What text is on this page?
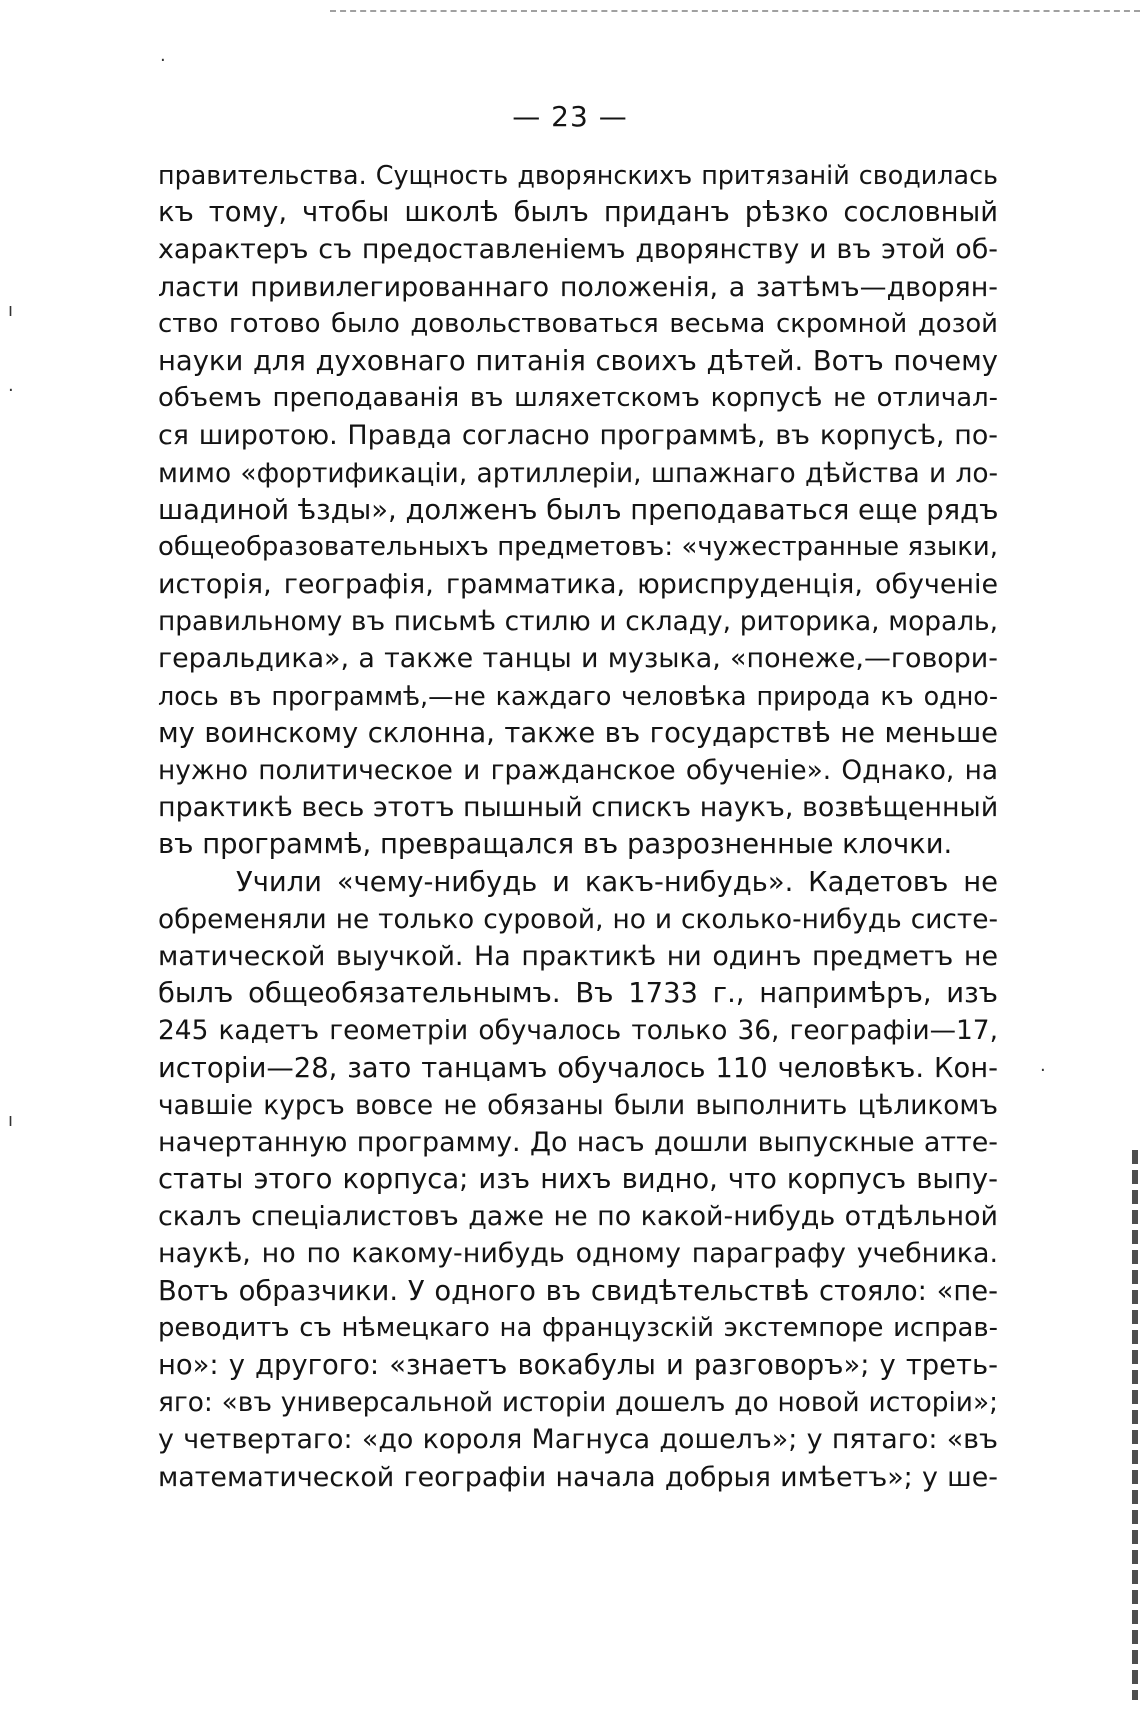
·
ı
·
ı
·
— 23 —
правительства. Сущность дворянскихъ притязаній сводилась
къ тому, чтобы школѣ былъ приданъ рѣзко сословный
характеръ съ предоставленіемъ дворянству и въ этой об-
ласти привилегированнаго положенія, а затѣмъ—дворян-
ство готово было довольствоваться весьма скромной дозой
науки для духовнаго питанія своихъ дѣтей. Вотъ почему
объемъ преподаванія въ шляхетскомъ корпусѣ не отличал-
ся широтою. Правда согласно программѣ, въ корпусѣ, по-
мимо «фортификаціи, артиллеріи, шпажнаго дѣйства и ло-
шадиной ѣзды», долженъ былъ преподаваться еще рядъ
общеобразовательныхъ предметовъ: «чужестранные языки,
исторія, географія, грамматика, юриспруденція, обученіе
правильному въ письмѣ стилю и складу, риторика, мораль,
геральдика», а также танцы и музыка, «понеже,—говори-
лось въ программѣ,—не каждаго человѣка природа къ одно-
му воинскому склонна, также въ государствѣ не меньше
нужно политическое и гражданское обученіе». Однако, на
практикѣ весь этотъ пышный спискъ наукъ, возвѣщенный
въ программѣ, превращался въ разрозненные клочки.
Учили «чему-нибудь и какъ-нибудь». Кадетовъ не
обременяли не только суровой, но и сколько-нибудь систе-
матической выучкой. На практикѣ ни одинъ предметъ не
былъ общеобязательнымъ. Въ 1733 г., напримѣръ, изъ
245 кадетъ геометріи обучалось только 36, географіи—17,
исторіи—28, зато танцамъ обучалось 110 человѣкъ. Кон-
чавшіе курсъ вовсе не обязаны были выполнить цѣликомъ
начертанную программу. До насъ дошли выпускные атте-
статы этого корпуса; изъ нихъ видно, что корпусъ выпу-
скалъ спеціалистовъ даже не по какой-нибудь отдѣльной
наукѣ, но по какому-нибудь одному параграфу учебника.
Вотъ образчики. У одного въ свидѣтельствѣ стояло: «пе-
реводитъ съ нѣмецкаго на французскій экстемпоре исправ-
но»: у другого: «знаетъ вокабулы и разговоръ»; у треть-
яго: «въ универсальной исторіи дошелъ до новой исторіи»;
у четвертаго: «до короля Магнуса дошелъ»; у пятаго: «въ
математической географіи начала добрыя имѣетъ»; у ше-
